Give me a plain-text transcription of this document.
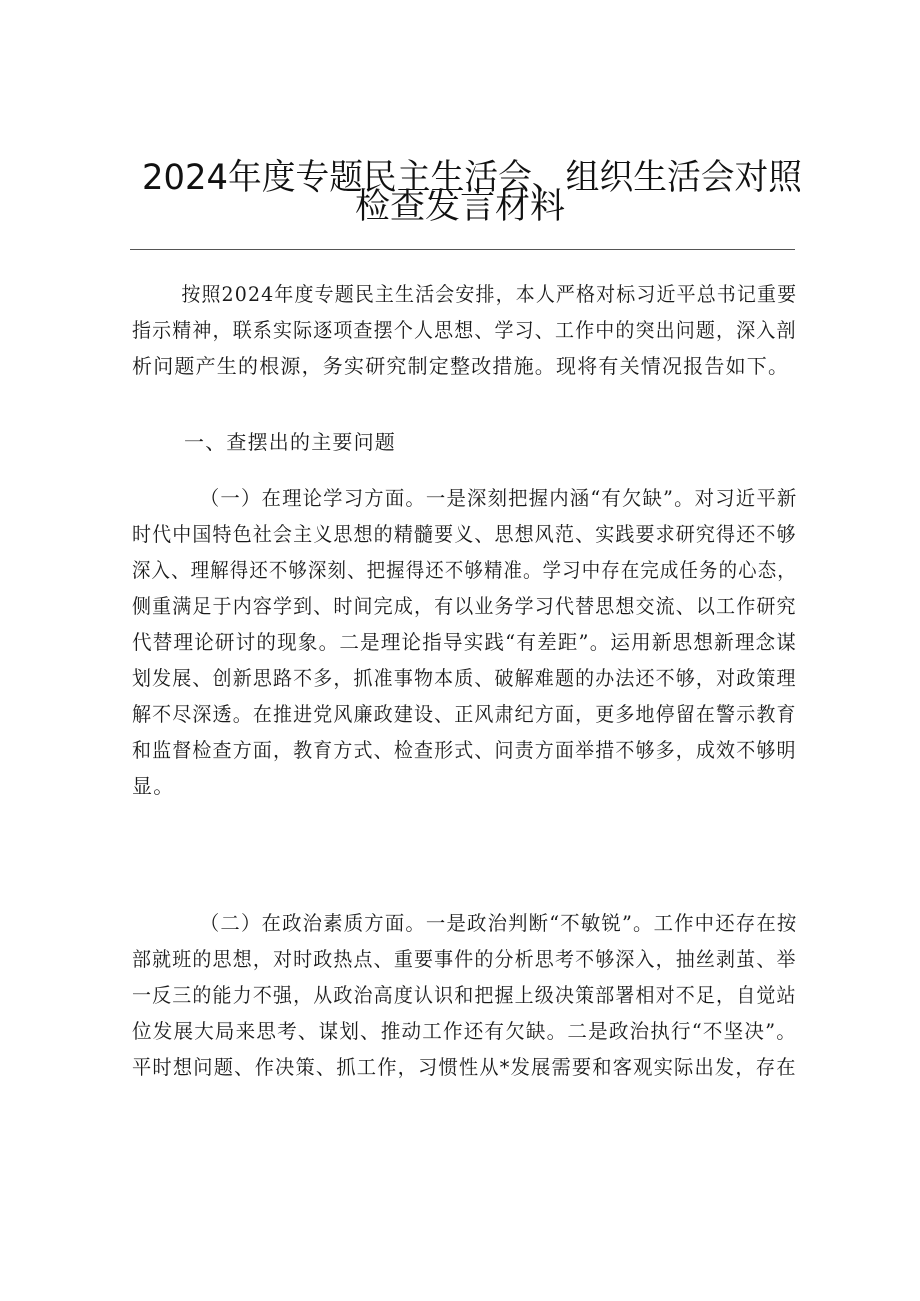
2024年度专题民主生活会、组织生活会对照
检查发言材料
按照2024年度专题民主生活会安排，本人严格对标习近平总书记重要
指示精神，联系实际逐项查摆个人思想、学习、工作中的突出问题，深入剖
析问题产生的根源，务实研究制定整改措施。现将有关情况报告如下。
一、查摆出的主要问题
（一）在理论学习方面。一是深刻把握内涵“有欠缺”。对习近平新
时代中国特色社会主义思想的精髓要义、思想风范、实践要求研究得还不够
深入、理解得还不够深刻、把握得还不够精准。学习中存在完成任务的心态，
侧重满足于内容学到、时间完成，有以业务学习代替思想交流、以工作研究
代替理论研讨的现象。二是理论指导实践“有差距”。运用新思想新理念谋
划发展、创新思路不多，抓准事物本质、破解难题的办法还不够，对政策理
解不尽深透。在推进党风廉政建设、正风肃纪方面，更多地停留在警示教育
和监督检查方面，教育方式、检查形式、问责方面举措不够多，成效不够明
显。
（二）在政治素质方面。一是政治判断“不敏锐”。工作中还存在按
部就班的思想，对时政热点、重要事件的分析思考不够深入，抽丝剥茧、举
一反三的能力不强，从政治高度认识和把握上级决策部署相对不足，自觉站
位发展大局来思考、谋划、推动工作还有欠缺。二是政治执行“不坚决”。
平时想问题、作决策、抓工作，习惯性从*发展需要和客观实际出发，存在
